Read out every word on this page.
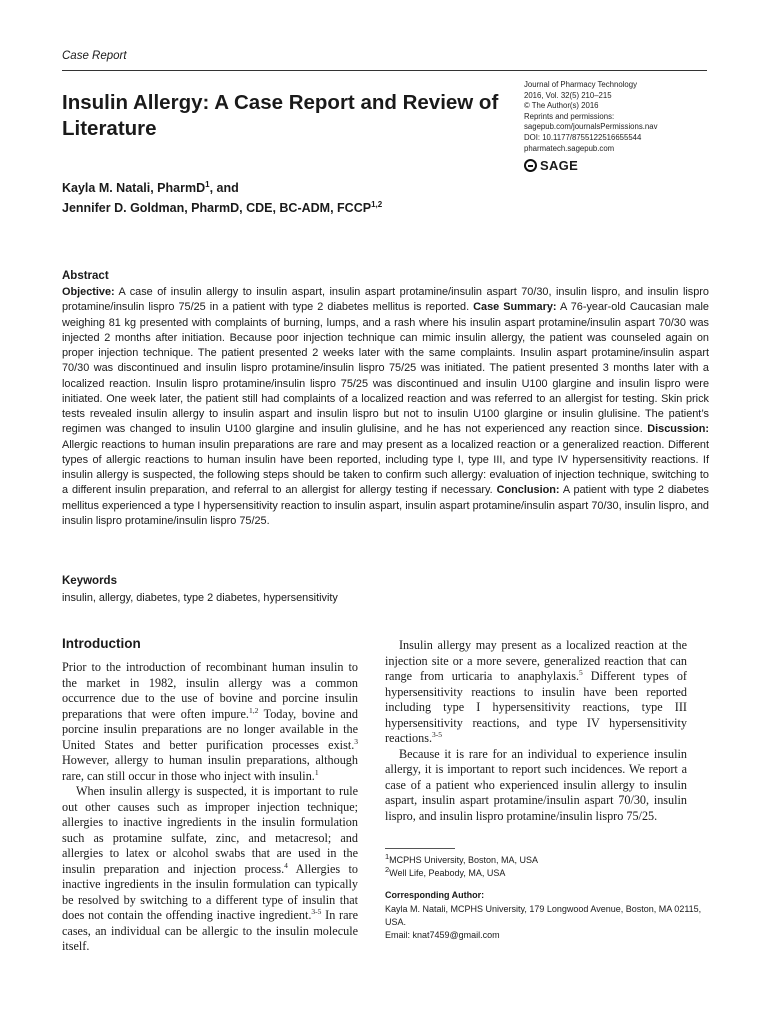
Case Report
Insulin Allergy: A Case Report and Review of Literature
Journal of Pharmacy Technology
2016, Vol. 32(5) 210–215
© The Author(s) 2016
Reprints and permissions:
sagepub.com/journalsPermissions.nav
DOI: 10.1177/8755122516655544
pharmatech.sagepub.com
SAGE
Kayla M. Natali, PharmD$^1$, and
Jennifer D. Goldman, PharmD, CDE, BC-ADM, FCCP$^{1,2}$
Abstract
Objective: A case of insulin allergy to insulin aspart, insulin aspart protamine/insulin aspart 70/30, insulin lispro, and insulin lispro protamine/insulin lispro 75/25 in a patient with type 2 diabetes mellitus is reported. Case Summary: A 76-year-old Caucasian male weighing 81 kg presented with complaints of burning, lumps, and a rash where his insulin aspart protamine/insulin aspart 70/30 was injected 2 months after initiation. Because poor injection technique can mimic insulin allergy, the patient was counseled again on proper injection technique. The patient presented 2 weeks later with the same complaints. Insulin aspart protamine/insulin aspart 70/30 was discontinued and insulin lispro protamine/insulin lispro 75/25 was initiated. The patient presented 3 months later with a localized reaction. Insulin lispro protamine/insulin lispro 75/25 was discontinued and insulin U100 glargine and insulin lispro were initiated. One week later, the patient still had complaints of a localized reaction and was referred to an allergist for testing. Skin prick tests revealed insulin allergy to insulin aspart and insulin lispro but not to insulin U100 glargine or insulin glulisine. The patient’s regimen was changed to insulin U100 glargine and insulin glulisine, and he has not experienced any reaction since. Discussion: Allergic reactions to human insulin preparations are rare and may present as a localized reaction or a generalized reaction. Different types of allergic reactions to human insulin have been reported, including type I, type III, and type IV hypersensitivity reactions. If insulin allergy is suspected, the following steps should be taken to confirm such allergy: evaluation of injection technique, switching to a different insulin preparation, and referral to an allergist for allergy testing if necessary. Conclusion: A patient with type 2 diabetes mellitus experienced a type I hypersensitivity reaction to insulin aspart, insulin aspart protamine/insulin aspart 70/30, insulin lispro, and insulin lispro protamine/insulin lispro 75/25.
Keywords
insulin, allergy, diabetes, type 2 diabetes, hypersensitivity
Introduction

Prior to the introduction of recombinant human insulin to the market in 1982, insulin allergy was a common occurrence due to the use of bovine and porcine insulin preparations that were often impure.$^{1,2}$ Today, bovine and porcine insulin preparations are no longer available in the United States and better purification processes exist.$^3$ However, allergy to human insulin preparations, although rare, can still occur in those who inject with insulin.$^1$

When insulin allergy is suspected, it is important to rule out other causes such as improper injection technique; allergies to inactive ingredients in the insulin formulation such as protamine sulfate, zinc, and metacresol; and allergies to latex or alcohol swabs that are used in the insulin preparation and injection process.$^4$ Allergies to inactive ingredients in the insulin formulation can typically be resolved by switching to a different type of insulin that does not contain the offending inactive ingredient.$^{3-5}$ In rare cases, an individual can be allergic to the insulin molecule itself.

Insulin allergy may present as a localized reaction at the injection site or a more severe, generalized reaction that can range from urticaria to anaphylaxis.$^5$ Different types of hypersensitivity reactions to insulin have been reported including type I hypersensitivity reactions, type III hypersensitivity reactions, and type IV hypersensitivity reactions.$^{3-5}$

Because it is rare for an individual to experience insulin allergy, it is important to report such incidences. We report a case of a patient who experienced insulin allergy to insulin aspart, insulin aspart protamine/insulin aspart 70/30, insulin lispro, and insulin lispro protamine/insulin lispro 75/25.

$^1$MCPHS University, Boston, MA, USA
$^2$Well Life, Peabody, MA, USA
Corresponding Author:
Kayla M. Natali, MCPHS University, 179 Longwood Avenue, Boston, MA 02115, USA.
Email: knat7459@gmail.com
